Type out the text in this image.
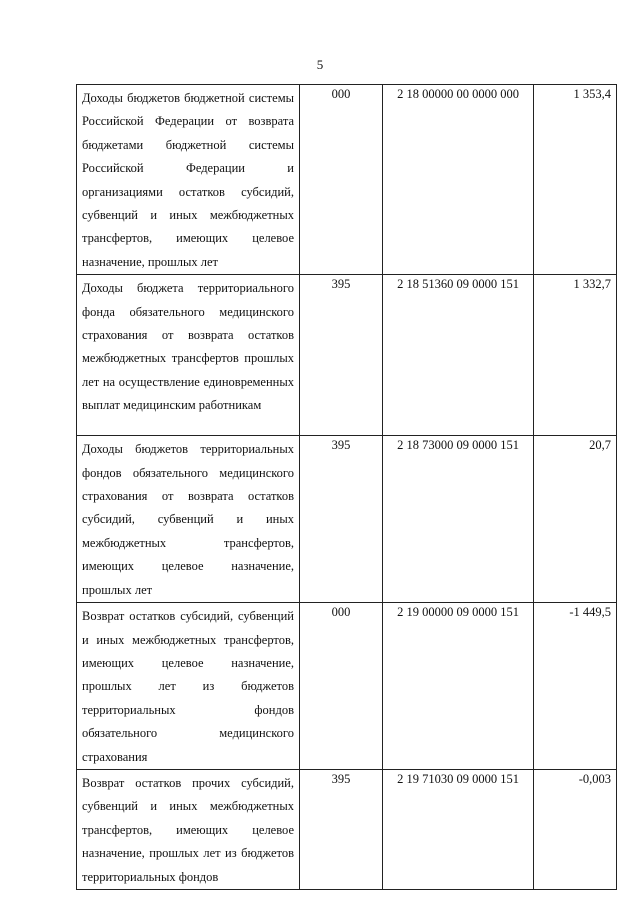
5
Доходы бюджетов бюджетной системы Российской Федерации от возврата бюджетами бюджетной системы Российской Федерации и организациями остатков субсидий, субвенций и иных межбюджетных трансфертов, имеющих целевое назначение, прошлых лет	000	2 18 00000 00 0000 000	1 353,4
Доходы бюджета территориального фонда обязательного медицинского страхования от возврата остатков межбюджетных трансфертов прошлых лет на осуществление единовременных выплат медицинским работникам	395	2 18 51360 09 0000 151	1 332,7
Доходы бюджетов территориальных фондов обязательного медицинского страхования от возврата остатков субсидий, субвенций и иных межбюджетных трансфертов, имеющих целевое назначение, прошлых лет	395	2 18 73000 09 0000 151	20,7
Возврат остатков субсидий, субвенций и иных межбюджетных трансфертов, имеющих целевое назначение, прошлых лет из бюджетов территориальных фондов обязательного медицинского страхования	000	2 19 00000 09 0000 151	-1 449,5
Возврат остатков прочих субсидий, субвенций и иных межбюджетных трансфертов, имеющих целевое назначение, прошлых лет из бюджетов территориальных фондов	395	2 19 71030 09 0000 151	-0,003
